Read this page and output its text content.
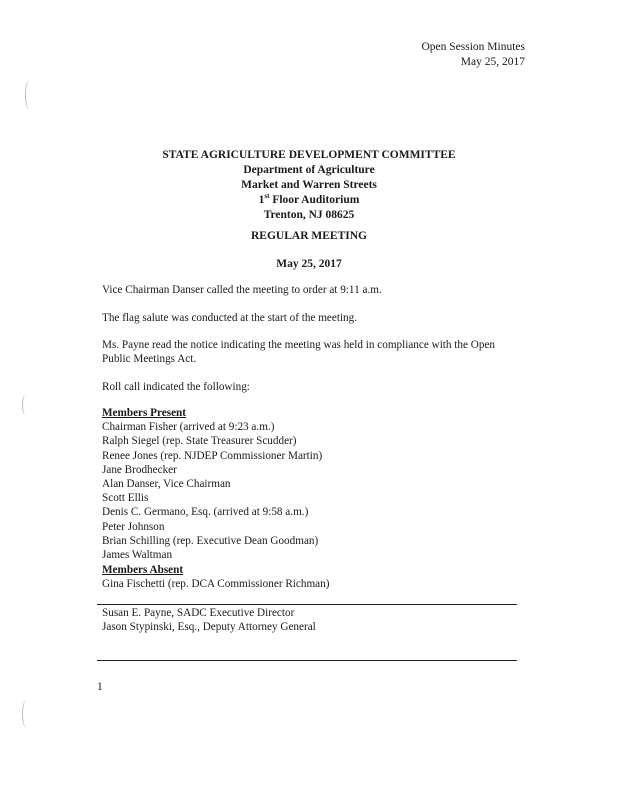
Open Session Minutes
May 25, 2017
STATE AGRICULTURE DEVELOPMENT COMMITTEE
Department of Agriculture
Market and Warren Streets
1st Floor Auditorium
Trenton, NJ 08625
REGULAR MEETING
May 25, 2017
Vice Chairman Danser called the meeting to order at 9:11 a.m.
The flag salute was conducted at the start of the meeting.
Ms. Payne read the notice indicating the meeting was held in compliance with the Open Public Meetings Act.
Roll call indicated the following:
Members Present
Chairman Fisher (arrived at 9:23 a.m.)
Ralph Siegel (rep. State Treasurer Scudder)
Renee Jones (rep. NJDEP Commissioner Martin)
Jane Brodhecker
Alan Danser, Vice Chairman
Scott Ellis
Denis C. Germano, Esq. (arrived at 9:58 a.m.)
Peter Johnson
Brian Schilling (rep. Executive Dean Goodman)
James Waltman
Members Absent
Gina Fischetti (rep. DCA Commissioner Richman)
Susan E. Payne, SADC Executive Director
Jason Stypinski, Esq., Deputy Attorney General
1
